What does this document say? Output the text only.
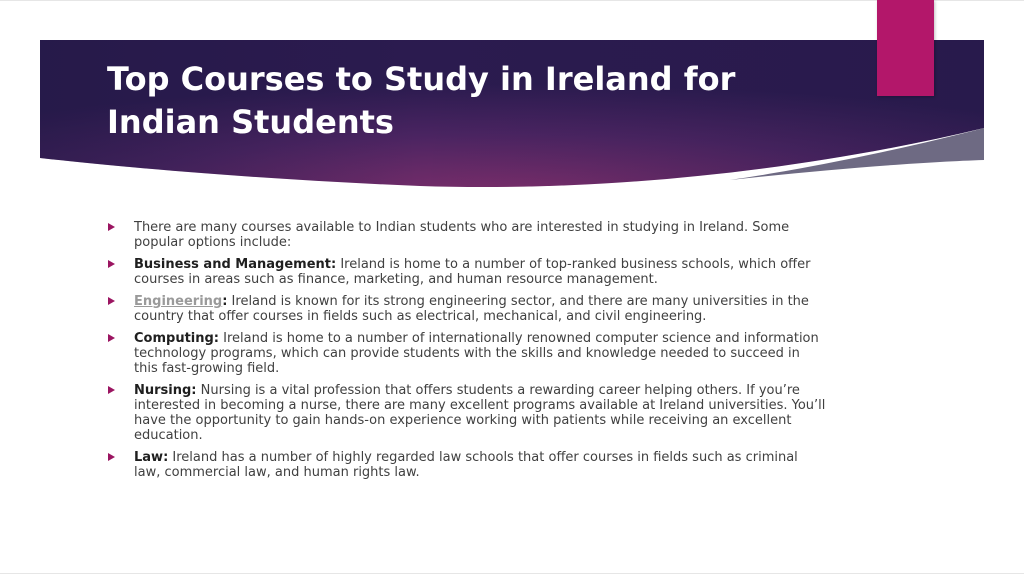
Top Courses to Study in Ireland for Indian Students
There are many courses available to Indian students who are interested in studying in Ireland. Some popular options include:
Business and Management: Ireland is home to a number of top-ranked business schools, which offer courses in areas such as finance, marketing, and human resource management.
Engineering: Ireland is known for its strong engineering sector, and there are many universities in the country that offer courses in fields such as electrical, mechanical, and civil engineering.
Computing: Ireland is home to a number of internationally renowned computer science and information technology programs, which can provide students with the skills and knowledge needed to succeed in this fast-growing field.
Nursing: Nursing is a vital profession that offers students a rewarding career helping others. If you’re interested in becoming a nurse, there are many excellent programs available at Ireland universities. You’ll have the opportunity to gain hands-on experience working with patients while receiving an excellent education.
Law: Ireland has a number of highly regarded law schools that offer courses in fields such as criminal law, commercial law, and human rights law.
